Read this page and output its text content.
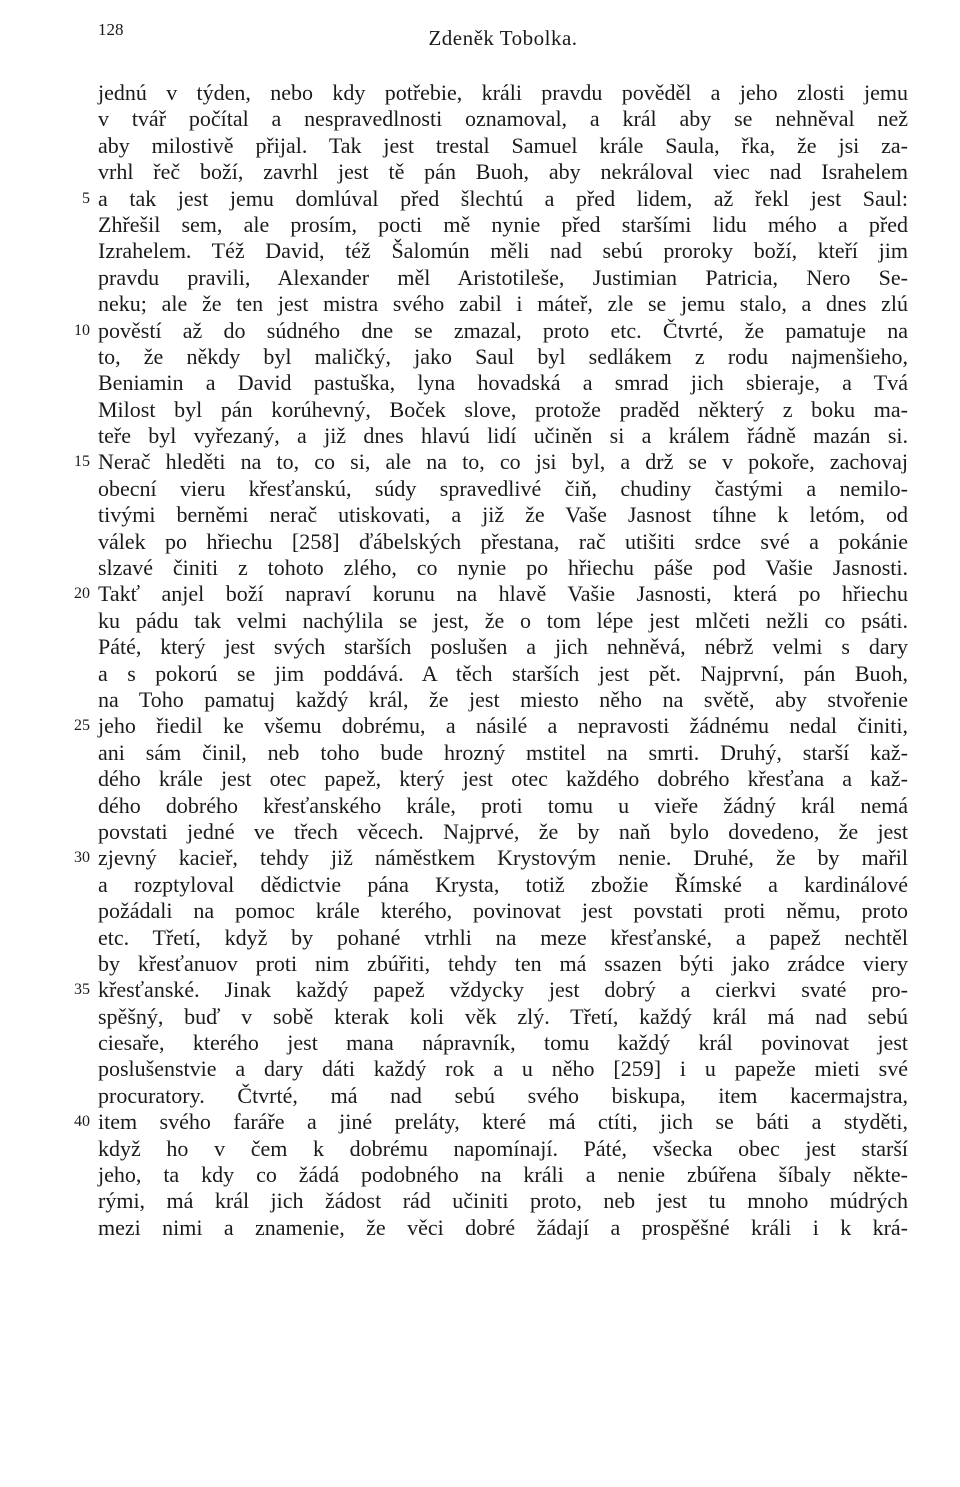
128	Zdeněk Tobolka.
jednú v týden, nebo kdy potřebie, králi pravdu pověděl a jeho zlosti jemu
v tvář počítal a nespravedlnosti oznamoval, a král aby se nehněval než
aby milostivě přijal. Tak jest trestal Samuel krále Saula, řka, že jsi za-
vrhl řeč boží, zavrhl jest tě pán Buoh, aby nekráloval viec nad Israhelem
5 a tak jest jemu domlúval před šlechtú a před lidem, až řekl jest Saul:
Zhřešil sem, ale prosím, pocti mě nynie před staršími lidu mého a před
Izrahelem. Též David, též Šalomún měli nad sebú proroky boží, kteří jim
pravdu pravili, Alexander měl Aristotileše, Justimian Patricia, Nero Se-
neku; ale že ten jest mistra svého zabil i máteř, zle se jemu stalo, a dnes zlú
10 pověstí až do súdného dne se zmazal, proto etc. Čtvrté, že pamatuje na
to, že někdy byl maličký, jako Saul byl sedlákem z rodu najmenšieho,
Beniamin a David pastuška, lyna hovadská a smrad jich sbieraje, a Tvá
Milost byl pán korúhevný, Boček slove, protože praděd některý z boku ma-
teře byl vyřezaný, a již dnes hlavú lidí učiněn si a králem řádně mazán si.
15 Nerač hleděti na to, co si, ale na to, co jsi byl, a drž se v pokoře, zachovaj
obecní vieru křesťanskú, súdy spravedlivé čiň, chudiny častými a nemilo-
tivými berněmi nerač utiskovati, a již že Vaše Jasnost tíhne k letóm, od
válek po hřiechu [258] ďábelských přestana, rač utišiti srdce své a pokánie
slzavé činiti z tohoto zlého, co nynie po hřiechu páše pod Vašie Jasnosti.
20 Takť anjel boží napraví korunu na hlavě Vašie Jasnosti, která po hřiechu
ku pádu tak velmi nachýlila se jest, že o tom lépe jest mlčeti nežli co psáti.
Páté, který jest svých starších poslušen a jich nehněvá, nébrž velmi s dary
a s pokorú se jim poddává. A těch starších jest pět. Najprvní, pán Buoh,
na Toho pamatuj každý král, že jest miesto něho na světě, aby stvořenie
25 jeho řiedil ke všemu dobrému, a násilé a nepravosti žádnému nedal činiti,
ani sám činil, neb toho bude hrozný mstitel na smrti. Druhý, starší kaž-
dého krále jest otec papež, který jest otec každého dobrého křesťana a kaž-
dého dobrého křesťanského krále, proti tomu u vieře žádný král nemá
povstati jedné ve třech věcech. Najprvé, že by naň bylo dovedeno, že jest
30 zjevný kacieř, tehdy již náměstkem Krystovým nenie. Druhé, že by mařil
a rozptyloval dědictvie pána Krysta, totiž zbožie Římské a kardinálové
požádali na pomoc krále kterého, povinovat jest povstati proti němu, proto
etc. Třetí, když by pohané vtrhli na meze křesťanské, a papež nechtěl
by křesťanuov proti nim zbúřiti, tehdy ten má ssazen býti jako zrádce viery
35 křesťanské. Jinak každý papež vždycky jest dobrý a cierkvi svaté pro-
spěšný, buď v sobě kterak koli věk zlý. Třetí, každý král má nad sebú
ciesaře, kterého jest mana nápravník, tomu každý král povinovat jest
poslušenstvie a dary dáti každý rok a u něho [259] i u papeže mieti své
procuratory. Čtvrté, má nad sebú svého biskupa, item kacermajstra,
40 item svého faráře a jiné preláty, které má ctíti, jich se báti a styděti,
když ho v čem k dobrému napomínají. Páté, všecka obec jest starší
jeho, ta kdy co žádá podobného na králi a nenie zbúřena šíbaly někte-
rými, má král jich žádost rád učiniti proto, neb jest tu mnoho múdrých
mezi nimi a znamenie, že věci dobré žádají a prospěšné králi i k krá-
